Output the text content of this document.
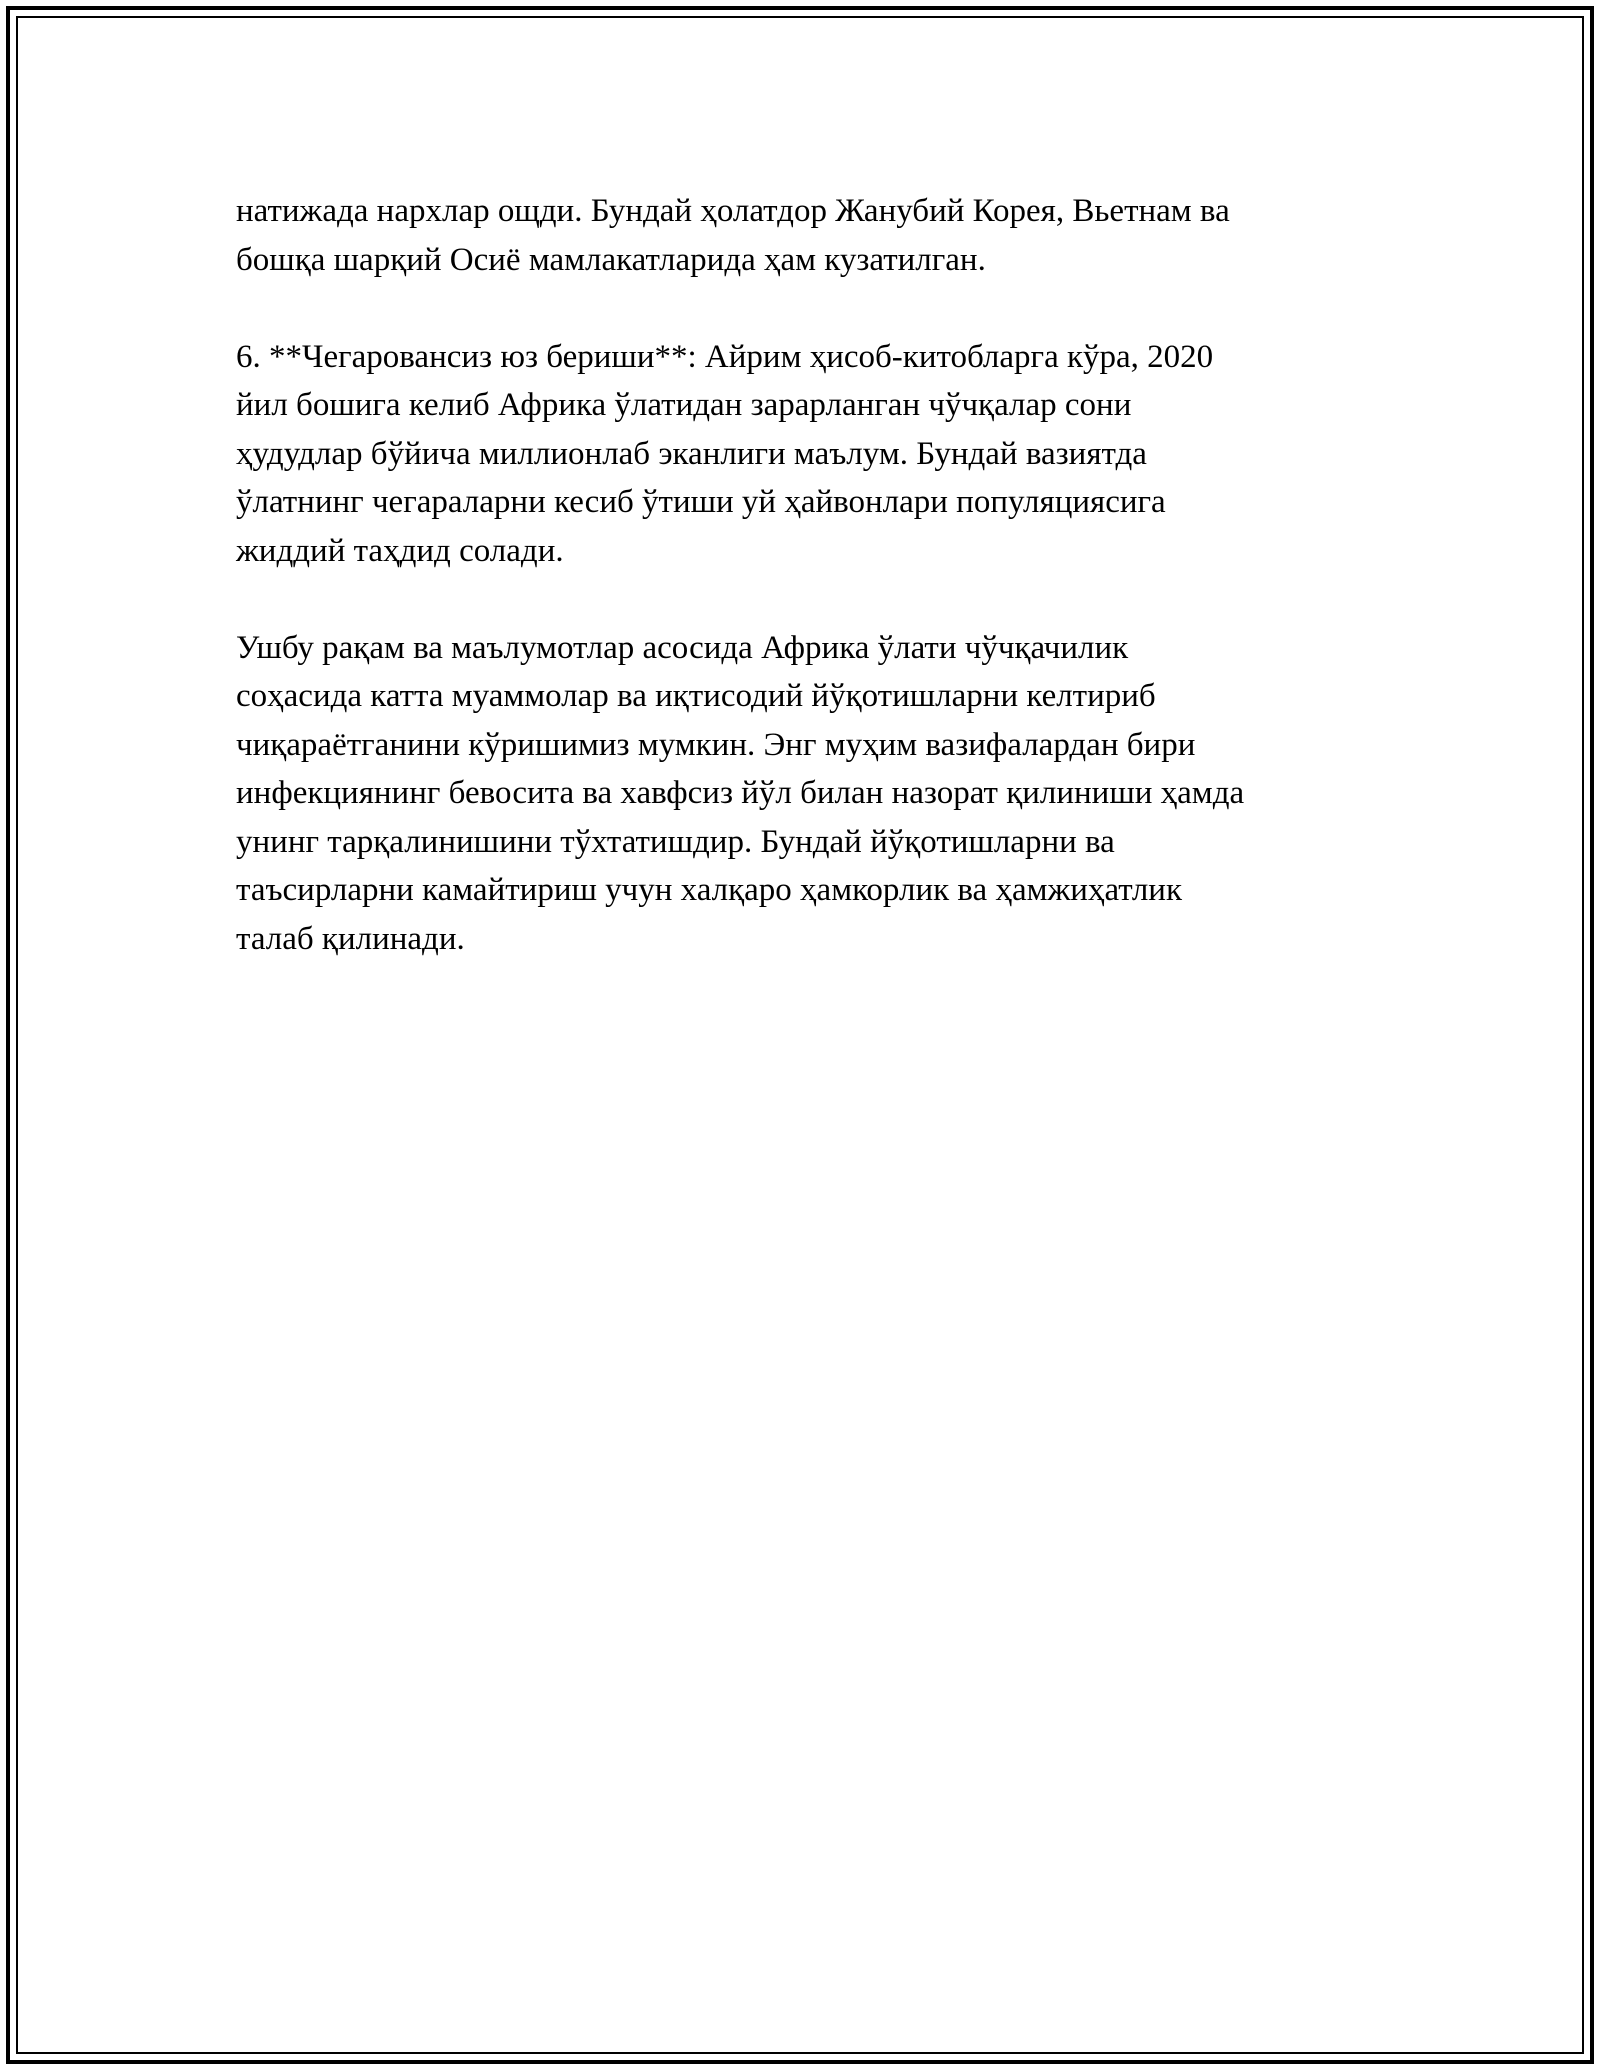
натижада нархлар ощди. Бундай ҳолатдор Жанубий Корея, Вьетнам ва
бошқа шарқий Осиё мамлакатларида ҳам кузатилган.

6. **Чегаровансиз юз бериши**: Айрим ҳисоб-китобларга кўра, 2020
йил бошига келиб Африка ўлатидан зарарланган чўчқалар сони
ҳудудлар бўйича миллионлаб эканлиги маълум. Бундай вазиятда
ўлатнинг чегараларни кесиб ўтиши уй ҳайвонлари популяциясига
жиддий таҳдид солади.

Ушбу рақам ва маълумотлар асосида Африка ўлати чўчқачилик
соҳасида катта муаммолар ва иқтисодий йўқотишларни келтириб
чиқараётганини кўришимиз мумкин. Энг муҳим вазифалардан бири
инфекциянинг бевосита ва хавфсиз йўл билан назорат қилиниши ҳамда
унинг тарқалинишини тўхтатишдир. Бундай йўқотишларни ва
таъсирларни камайтириш учун халқаро ҳамкорлик ва ҳамжиҳатлик
талаб қилинади.
